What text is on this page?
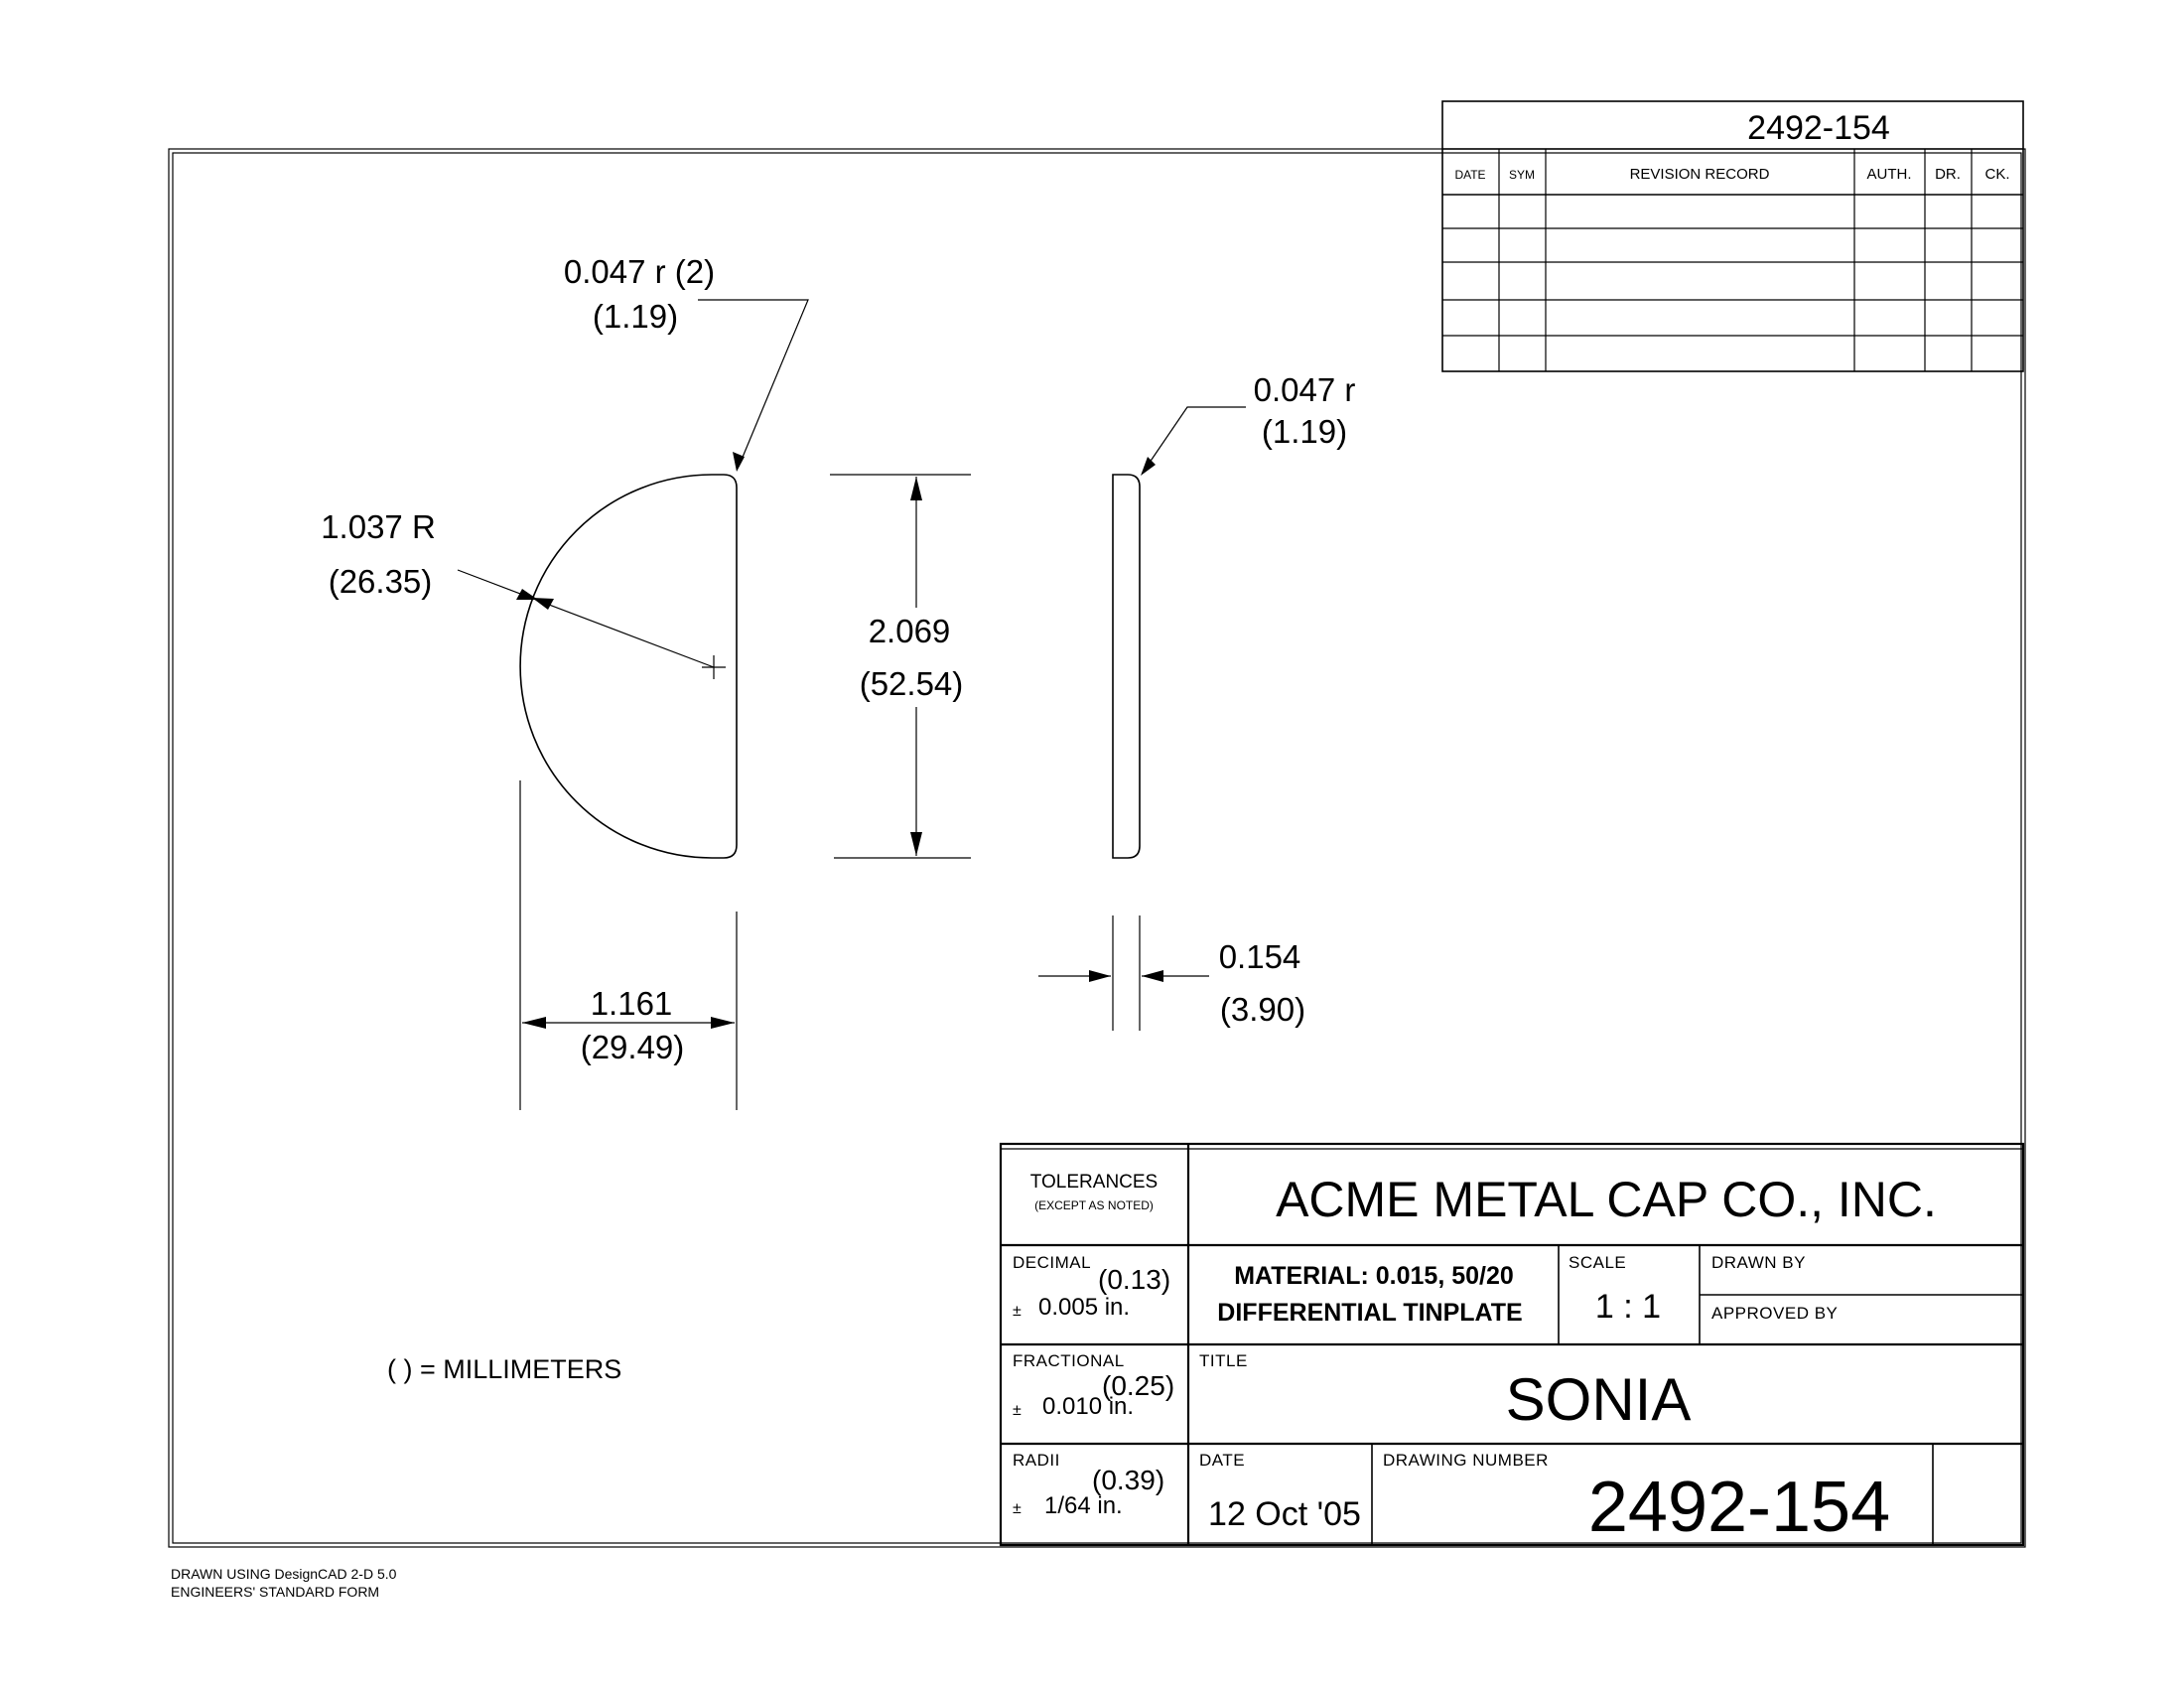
2492-154
DATE SYM	REVISION RECORD	AUTH. DR. CK.
0.047 r (2)
(1.19)
0.047 r
(1.19)
1.037 R
(26.35)
2.069
(52.54)
1.161
(29.49)
0.154
(3.90)
( ) = MILLIMETERS
TOLERANCES
(EXCEPT AS NOTED) ACME METAL CAP CO., INC.
DECIMAL
(0.13)
± 0.005 in.
MATERIAL: 0.015, 50/20
DIFFERENTIAL TINPLATE
SCALE
1 : 1
DRAWN BY
APPROVED BY
FRACTIONAL
(0.25)
± 0.010 in.
TITLE
SONIA
RADII
(0.39)
± 1/64 in.
DATE
12 Oct '05
DRAWING NUMBER
2492-154
DRAWN USING DesignCAD 2-D 5.0
ENGINEERS' STANDARD FORM
